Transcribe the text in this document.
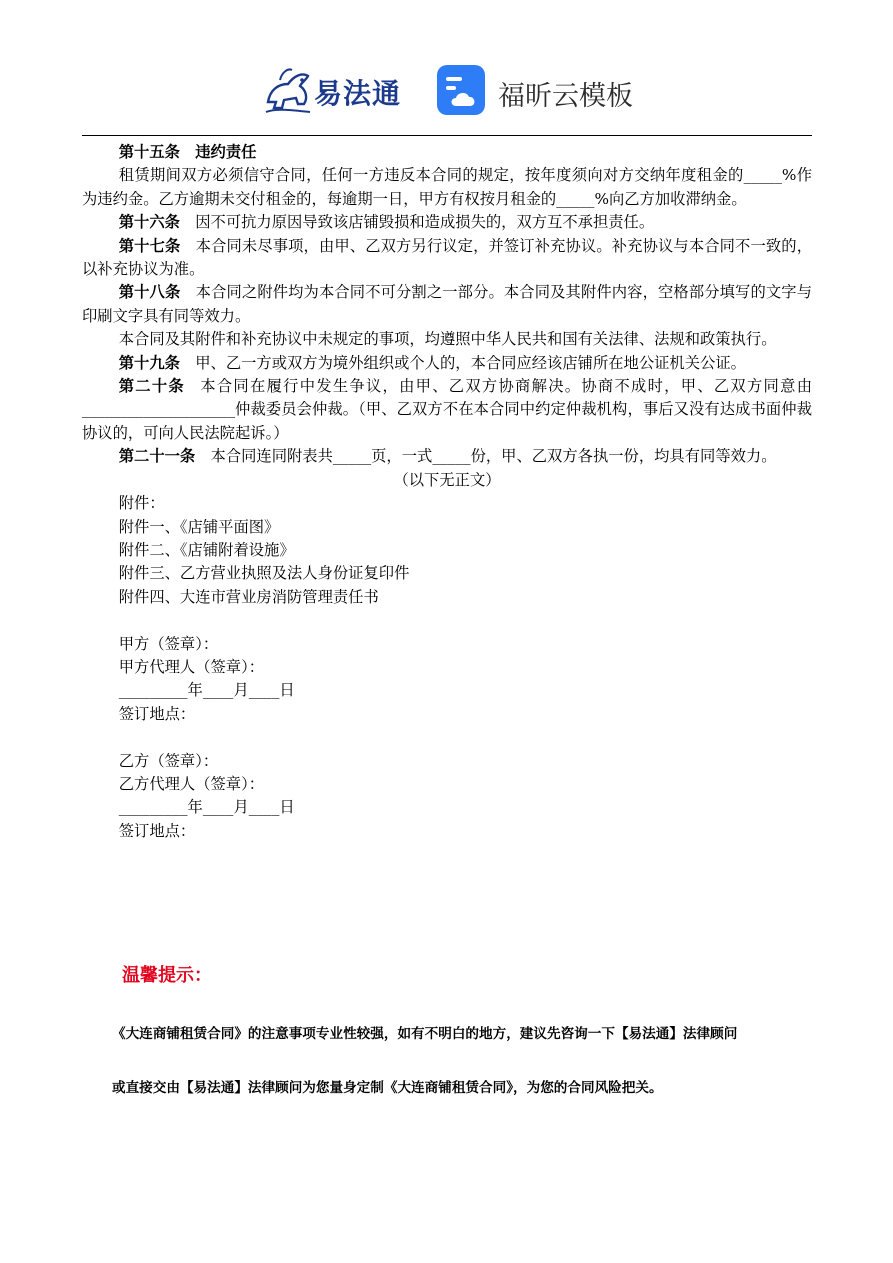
易法通	福昕云模板

第十五条 违约责任

租赁期间双方必须信守合同，任何一方违反本合同的规定，按年度须向对方交纳年度租金的_____%作为违约金。乙方逾期未交付租金的，每逾期一日，甲方有权按月租金的_____%向乙方加收滞纳金。

第十六条 因不可抗力原因导致该店铺毁损和造成损失的，双方互不承担责任。

第十七条 本合同未尽事项，由甲、乙双方另行议定，并签订补充协议。补充协议与本合同不一致的，以补充协议为准。

第十八条 本合同之附件均为本合同不可分割之一部分。本合同及其附件内容，空格部分填写的文字与印刷文字具有同等效力。

本合同及其附件和补充协议中未规定的事项，均遵照中华人民共和国有关法律、法规和政策执行。

第十九条 甲、乙一方或双方为境外组织或个人的，本合同应经该店铺所在地公证机关公证。

第二十条 本合同在履行中发生争议，由甲、乙双方协商解决。协商不成时，甲、乙双方同意由____________________仲裁委员会仲裁。（甲、乙双方不在本合同中约定仲裁机构，事后又没有达成书面仲裁协议的，可向人民法院起诉。）

第二十一条 本合同连同附表共_____页，一式_____份，甲、乙双方各执一份，均具有同等效力。

（以下无正文）

附件：

附件一、《店铺平面图》

附件二、《店铺附着设施》

附件三、乙方营业执照及法人身份证复印件

附件四、大连市营业房消防管理责任书

甲方（签章）：

甲方代理人（签章）：

_________年____月____日

签订地点：

乙方（签章）：

乙方代理人（签章）：

_________年____月____日

签订地点：

温馨提示：
《大连商铺租赁合同》的注意事项专业性较强，如有不明白的地方，建议先咨询一下【易法通】法律顾问
或直接交由【易法通】法律顾问为您量身定制《大连商铺租赁合同》，为您的合同风险把关。
